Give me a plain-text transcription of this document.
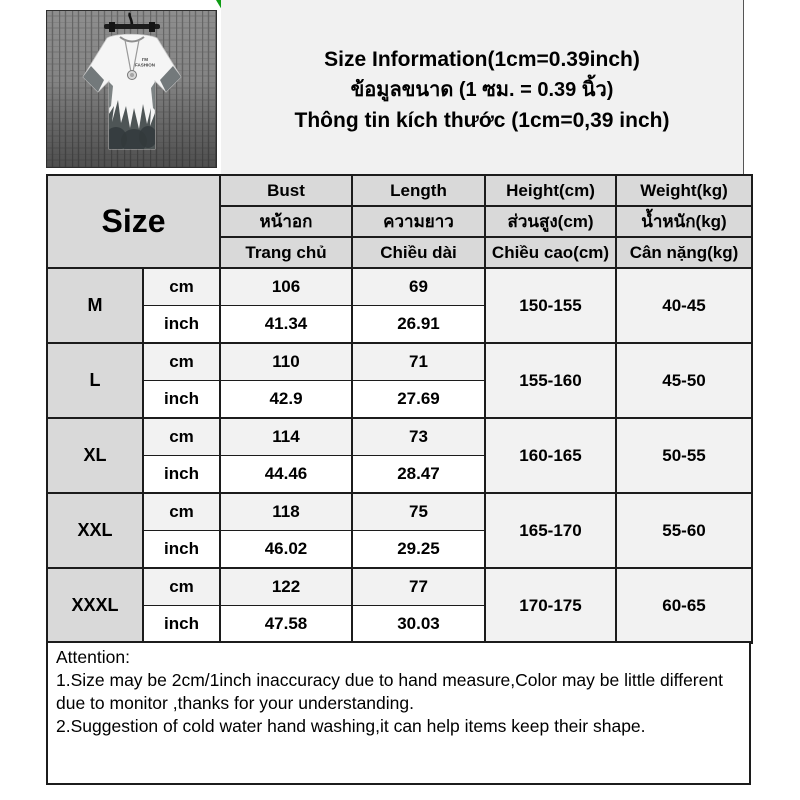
I'M
FASHION	Size Information(1cm=0.39inch)
ข้อมูลขนาด (1 ซม. = 0.39 นิ้ว)
Thông tin kích thước (1cm=0,39 inch)
Size		Bust	Length	Height(cm)	Weight(kg)
		หน้าอก	ความยาว	ส่วนสูง(cm)	น้ำหนัก(kg)
		Trang chủ	Chiều dài	Chiều cao(cm)	Cân nặng(kg)
M	cm	106	69	150-155	40-45
	inch	41.34	26.91		
L	cm	110	71	155-160	45-50
	inch	42.9	27.69		
XL	cm	114	73	160-165	50-55
	inch	44.46	28.47		
XXL	cm	118	75	165-170	55-60
	inch	46.02	29.25		
XXXL	cm	122	77	170-175	60-65
	inch	47.58	30.03		
Attention:
1.Size may be 2cm/1inch inaccuracy due to hand measure,Color may be little different
due to monitor ,thanks for your understanding.
2.Suggestion of cold water hand washing,it can help items keep their shape.
